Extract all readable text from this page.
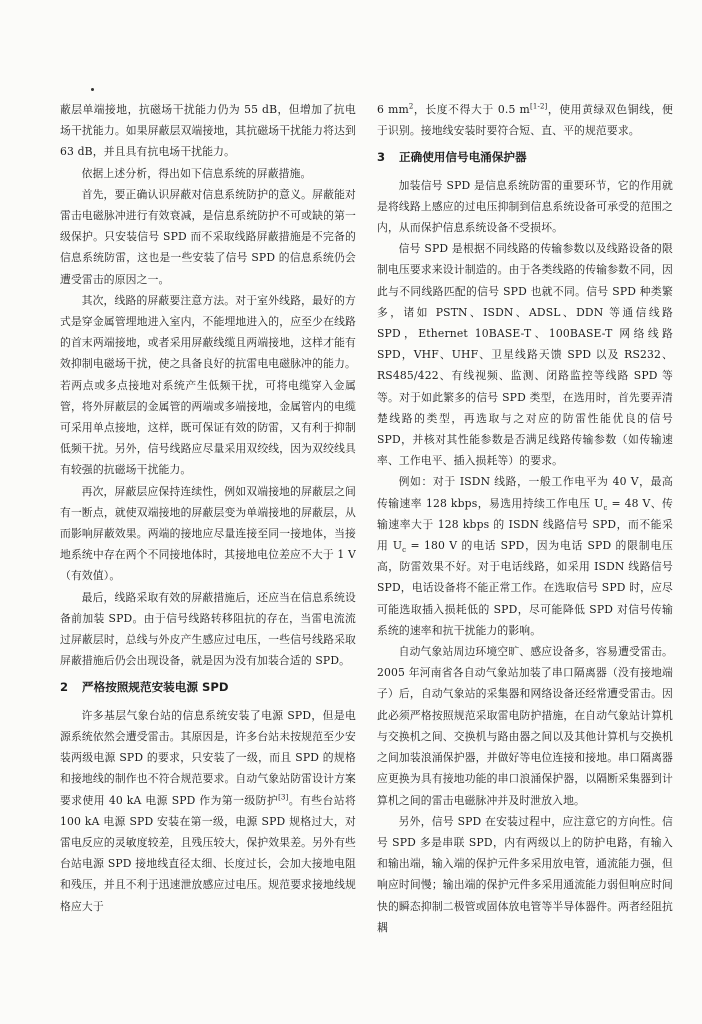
蔽层单端接地，抗磁场干扰能力仍为 55 dB，但增加了抗电场干扰能力。如果屏蔽层双端接地，其抗磁场干扰能力将达到 63 dB，并且具有抗电场干扰能力。

依据上述分析，得出如下信息系统的屏蔽措施。

首先，要正确认识屏蔽对信息系统防护的意义。屏蔽能对雷击电磁脉冲进行有效衰减，是信息系统防护不可或缺的第一级保护。只安装信号 SPD 而不采取线路屏蔽措施是不完备的信息系统防雷，这也是一些安装了信号 SPD 的信息系统仍会遭受雷击的原因之一。

其次，线路的屏蔽要注意方法。对于室外线路，最好的方式是穿金属管埋地进入室内，不能埋地进入的，应至少在线路的首末两端接地，或者采用屏蔽线缆且两端接地，这样才能有效抑制电磁场干扰，使之具备良好的抗雷电电磁脉冲的能力。若两点或多点接地对系统产生低频干扰，可将电缆穿入金属管，将外屏蔽层的金属管的两端或多端接地，金属管内的电缆可采用单点接地，这样，既可保证有效的防雷，又有利于抑制低频干扰。另外，信号线路应尽量采用双绞线，因为双绞线具有较强的抗磁场干扰能力。

再次，屏蔽层应保持连续性，例如双端接地的屏蔽层之间有一断点，就使双端接地的屏蔽层变为单端接地的屏蔽层，从而影响屏蔽效果。两端的接地应尽量连接至同一接地体，当接地系统中存在两个不同接地体时，其接地电位差应不大于 1 V（有效值）。

最后，线路采取有效的屏蔽措施后，还应当在信息系统设备前加装 SPD。由于信号线路转移阻抗的存在，当雷电流流过屏蔽层时，总线与外皮产生感应过电压，一些信号线路采取屏蔽措施后仍会出现设备，就是因为没有加装合适的 SPD。

2 严格按照规范安装电源 SPD

许多基层气象台站的信息系统安装了电源 SPD，但是电源系统依然会遭受雷击。其原因是，许多台站未按规范至少安装两级电源 SPD 的要求，只安装了一级，而且 SPD 的规格和接地线的制作也不符合规范要求。自动气象站防雷设计方案要求使用 40 kA 电源 SPD 作为第一级防护[3]。有些台站将 100 kA 电源 SPD 安装在第一级，电源 SPD 规格过大，对雷电反应的灵敏度较差，且残压较大，保护效果差。另外有些台站电源 SPD 接地线直径太细、长度过长，会加大接地电阻和残压，并且不利于迅速泄放感应过电压。规范要求接地线规格应大于

6 $mm^2$，长度不得大于 0.5 m[1-2]，使用黄绿双色铜线，便于识别。接地线安装时要符合短、直、平的规范要求。

3 正确使用信号电涌保护器

加装信号 SPD 是信息系统防雷的重要环节，它的作用就是将线路上感应的过电压抑制到信息系统设备可承受的范围之内，从而保护信息系统设备不受损坏。

信号 SPD 是根据不同线路的传输参数以及线路设备的限制电压要求来设计制造的。由于各类线路的传输参数不同，因此与不同线路匹配的信号 SPD 也就不同。信号 SPD 种类繁多，诸如 PSTN、ISDN、ADSL、DDN 等通信线路 SPD，Ethernet 10BASE-T、100BASE-T 网络线路 SPD，VHF、UHF、卫星线路天馈 SPD 以及 RS232、RS485/422、有线视频、监测、闭路监控等线路 SPD 等等。对于如此繁多的信号 SPD 类型，在选用时，首先要弄清楚线路的类型，再选取与之对应的防雷性能优良的信号 SPD，并核对其性能参数是否满足线路传输参数（如传输速率、工作电平、插入损耗等）的要求。

例如：对于 ISDN 线路，一般工作电平为 40 V，最高传输速率 128 kbps，易选用持续工作电压 $U_c = 48$ V、传输速率大于 128 kbps 的 ISDN 线路信号 SPD，而不能采用 $U_c = 180$ V 的电话 SPD，因为电话 SPD 的限制电压高，防雷效果不好。对于电话线路，如采用 ISDN 线路信号 SPD，电话设备将不能正常工作。在选取信号 SPD 时，应尽可能选取插入损耗低的 SPD，尽可能降低 SPD 对信号传输系统的速率和抗干扰能力的影响。

自动气象站周边环境空旷、感应设备多，容易遭受雷击。2005 年河南省各自动气象站加装了串口隔离器（没有接地端子）后，自动气象站的采集器和网络设备还经常遭受雷击。因此必须严格按照规范采取雷电防护措施，在自动气象站计算机与交换机之间、交换机与路由器之间以及其他计算机与交换机之间加装浪涌保护器，并做好等电位连接和接地。串口隔离器应更换为具有接地功能的串口浪涌保护器，以隔断采集器到计算机之间的雷击电磁脉冲并及时泄放入地。

另外，信号 SPD 在安装过程中，应注意它的方向性。信号 SPD 多是串联 SPD，内有两级以上的防护电路，有输入和输出端，输入端的保护元件多采用放电管，通流能力强，但响应时间慢；输出端的保护元件多采用通流能力弱但响应时间快的瞬态抑制二极管或固体放电管等半导体器件。两者经阻抗耦
